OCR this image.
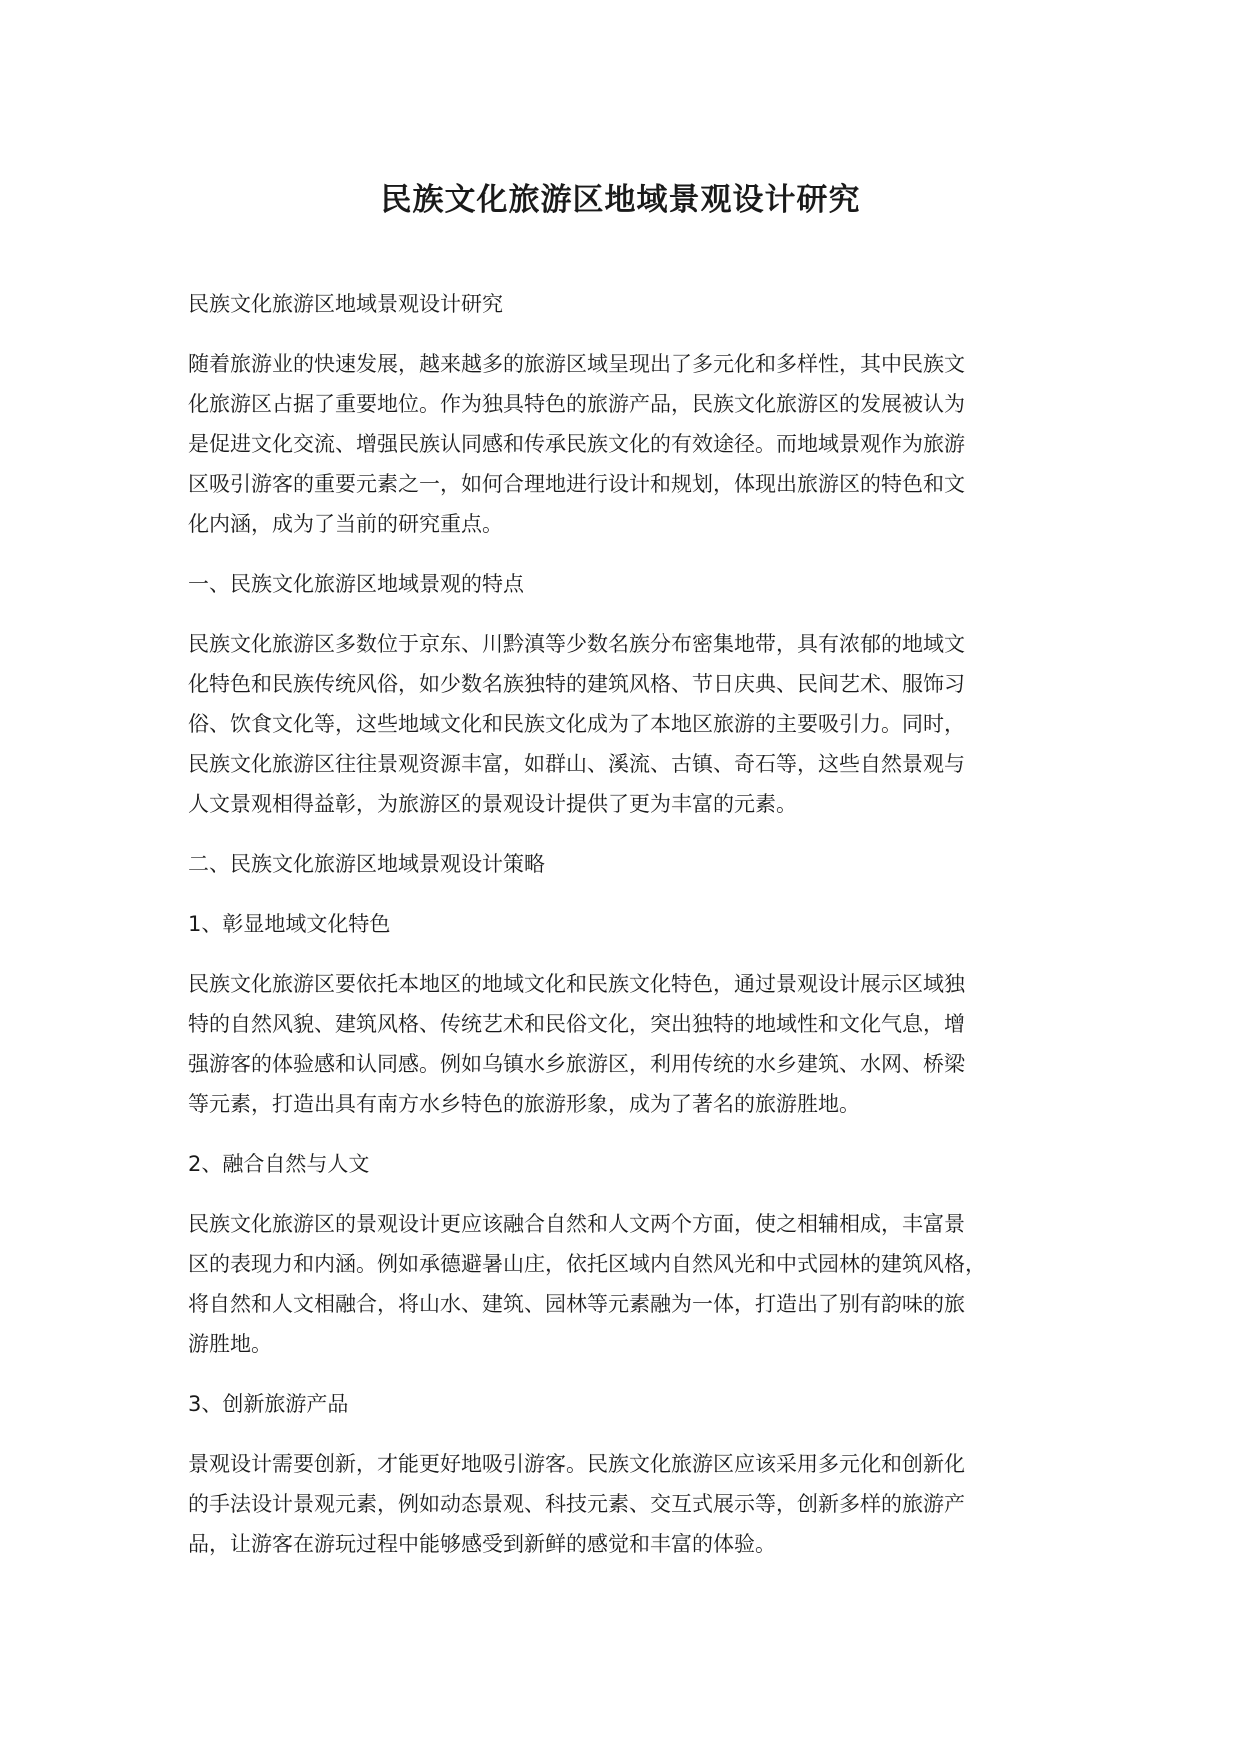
民族文化旅游区地域景观设计研究

民族文化旅游区地域景观设计研究

随着旅游业的快速发展，越来越多的旅游区域呈现出了多元化和多样性，其中民族文
化旅游区占据了重要地位。作为独具特色的旅游产品，民族文化旅游区的发展被认为
是促进文化交流、增强民族认同感和传承民族文化的有效途径。而地域景观作为旅游
区吸引游客的重要元素之一，如何合理地进行设计和规划，体现出旅游区的特色和文
化内涵，成为了当前的研究重点。

一、民族文化旅游区地域景观的特点

民族文化旅游区多数位于京东、川黔滇等少数名族分布密集地带，具有浓郁的地域文
化特色和民族传统风俗，如少数名族独特的建筑风格、节日庆典、民间艺术、服饰习
俗、饮食文化等，这些地域文化和民族文化成为了本地区旅游的主要吸引力。同时，
民族文化旅游区往往景观资源丰富，如群山、溪流、古镇、奇石等，这些自然景观与
人文景观相得益彰，为旅游区的景观设计提供了更为丰富的元素。

二、民族文化旅游区地域景观设计策略

1、彰显地域文化特色

民族文化旅游区要依托本地区的地域文化和民族文化特色，通过景观设计展示区域独
特的自然风貌、建筑风格、传统艺术和民俗文化，突出独特的地域性和文化气息，增
强游客的体验感和认同感。例如乌镇水乡旅游区，利用传统的水乡建筑、水网、桥梁
等元素，打造出具有南方水乡特色的旅游形象，成为了著名的旅游胜地。

2、融合自然与人文

民族文化旅游区的景观设计更应该融合自然和人文两个方面，使之相辅相成，丰富景
区的表现力和内涵。例如承德避暑山庄，依托区域内自然风光和中式园林的建筑风格，
将自然和人文相融合，将山水、建筑、园林等元素融为一体，打造出了别有韵味的旅
游胜地。

3、创新旅游产品

景观设计需要创新，才能更好地吸引游客。民族文化旅游区应该采用多元化和创新化
的手法设计景观元素，例如动态景观、科技元素、交互式展示等，创新多样的旅游产
品，让游客在游玩过程中能够感受到新鲜的感觉和丰富的体验。
